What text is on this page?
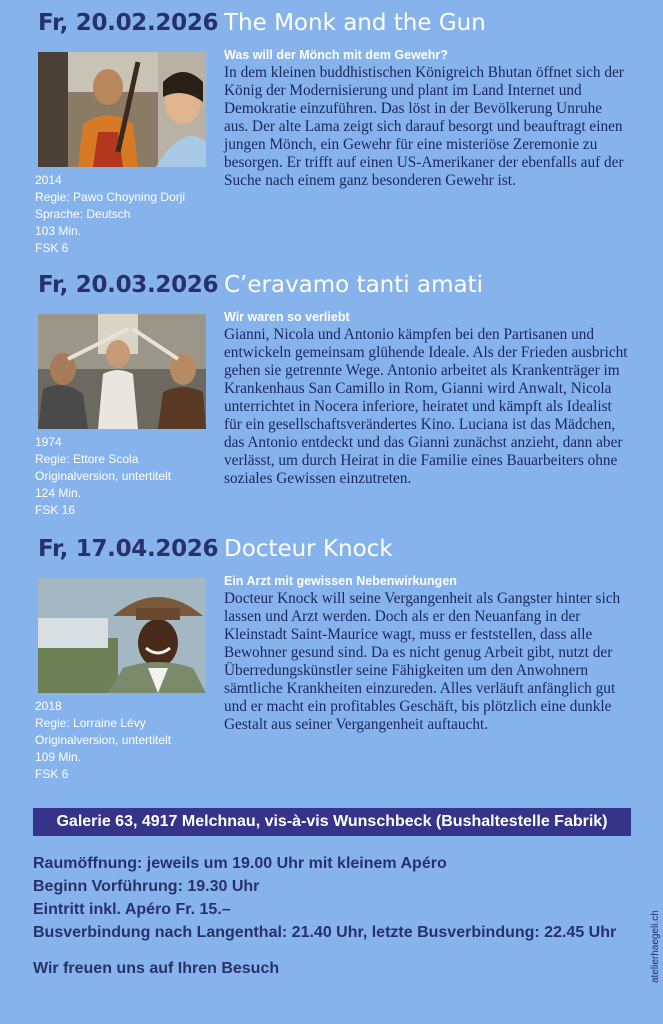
Fr, 20.02.2026 The Monk and the Gun
2014
Regie: Pawo Choyning Dorji
Sprache: Deutsch
103 Min.
FSK 6
Was will der Mönch mit dem Gewehr?

In dem kleinen buddhistischen Königreich Bhutan öffnet sich der König der Modernisierung und plant im Land Internet und Demokratie einzuführen. Das löst in der Bevölkerung Unruhe aus. Der alte Lama zeigt sich darauf besorgt und beauftragt einen jungen Mönch, ein Gewehr für eine misteriöse Zeremonie zu besorgen. Er trifft auf einen US-Amerikaner der ebenfalls auf der Suche nach einem ganz besonderen Gewehr ist.

Fr, 20.03.2026 C’eravamo tanti amati
1974
Regie: Ettore Scola
Originalversion, untertitelt
124 Min.
FSK 16
Wir waren so verliebt

Gianni, Nicola und Antonio kämpfen bei den Partisanen und entwickeln gemeinsam glühende Ideale. Als der Frieden ausbricht gehen sie getrennte Wege. Antonio arbeitet als Krankenträger im Krankenhaus San Camillo in Rom, Gianni wird Anwalt, Nicola unterrichtet in Nocera inferiore, heiratet und kämpft als Idealist für ein gesellschaftsverändertes Kino. Luciana ist das Mädchen, das Antonio entdeckt und das Gianni zunächst anzieht, dann aber verlässt, um durch Heirat in die Familie eines Bauarbeiters ohne soziales Gewissen einzutreten.

Fr, 17.04.2026 Docteur Knock
2018
Regie: Lorraine Lévy
Originalversion, untertitelt
109 Min.
FSK 6
Ein Arzt mit gewissen Nebenwirkungen

Docteur Knock will seine Vergangenheit als Gangster hinter sich lassen und Arzt werden. Doch als er den Neuanfang in der Kleinstadt Saint-Maurice wagt, muss er feststellen, dass alle Bewohner gesund sind. Da es nicht genug Arbeit gibt, nutzt der Überredungskünstler seine Fähigkeiten um den Anwohnern sämtliche Krankheiten einzureden. Alles verläuft anfänglich gut und er macht ein profitables Geschäft, bis plötzlich eine dunkle Gestalt aus seiner Vergangenheit auftaucht.

Galerie 63, 4917 Melchnau, vis-à-vis Wunschbeck (Bushaltestelle Fabrik)
Raumöffnung: jeweils um 19.00 Uhr mit kleinem Apéro
Beginn Vorführung: 19.30 Uhr
Eintritt inkl. Apéro Fr. 15.–
Busverbindung nach Langenthal: 21.40 Uhr, letzte Busverbindung: 22.45 Uhr
Wir freuen uns auf Ihren Besuch	atelierhaegeli.ch
